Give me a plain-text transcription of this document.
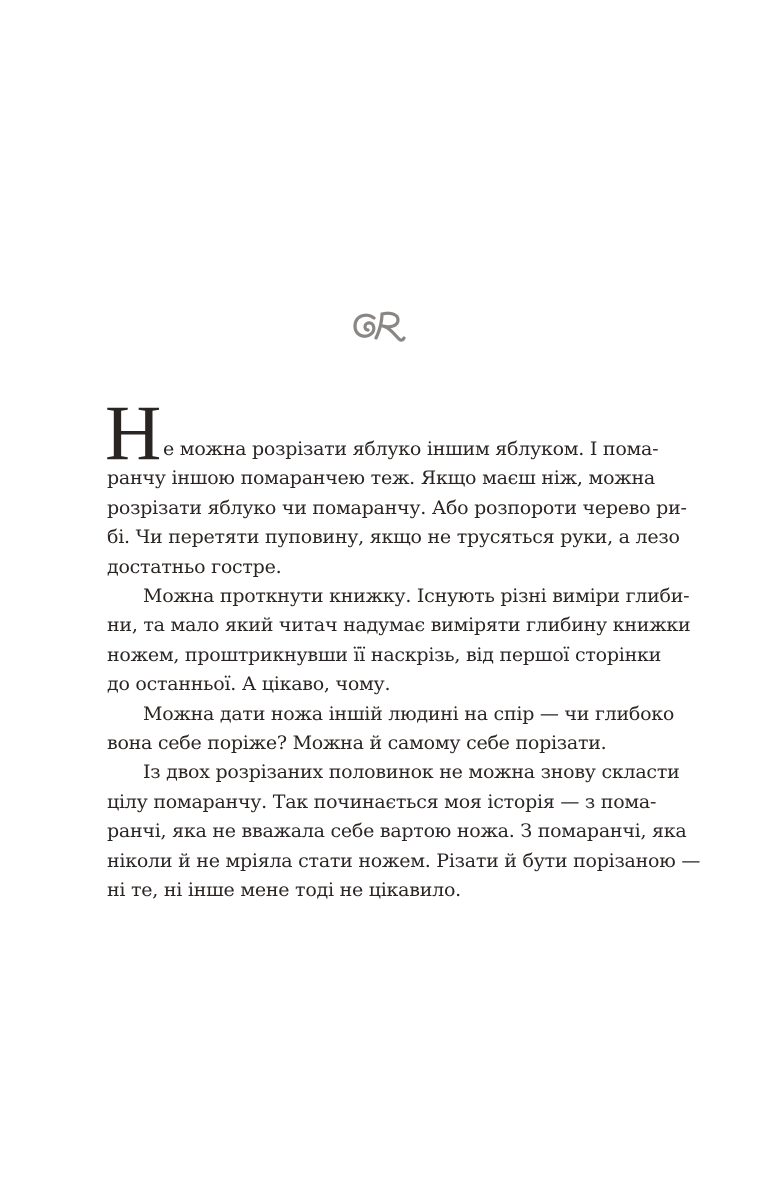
Н е можна розрізати яблуко іншим яблуком. І пома-
ранчу іншою помаранчею теж. Якщо маєш ніж, можна
розрізати яблуко чи помаранчу. Або розпороти черево ри-
бі. Чи перетяти пуповину, якщо не трусяться руки, а лезо
достатньо гостре.
Можна проткнути книжку. Існують різні виміри глиби-
ни, та мало який читач надумає виміряти глибину книжки
ножем, проштрикнувши її наскрізь, від першої сторінки
до останньої. А цікаво, чому.
Можна дати ножа іншій людині на спір — чи глибоко
вона себе поріже? Можна й самому себе порізати.
Із двох розрізаних половинок не можна знову скласти
цілу помаранчу. Так починається моя історія — з пома-
ранчі, яка не вважала себе вартою ножа. З помаранчі, яка
ніколи й не мріяла стати ножем. Різати й бути порізаною —
ні те, ні інше мене тоді не цікавило.
